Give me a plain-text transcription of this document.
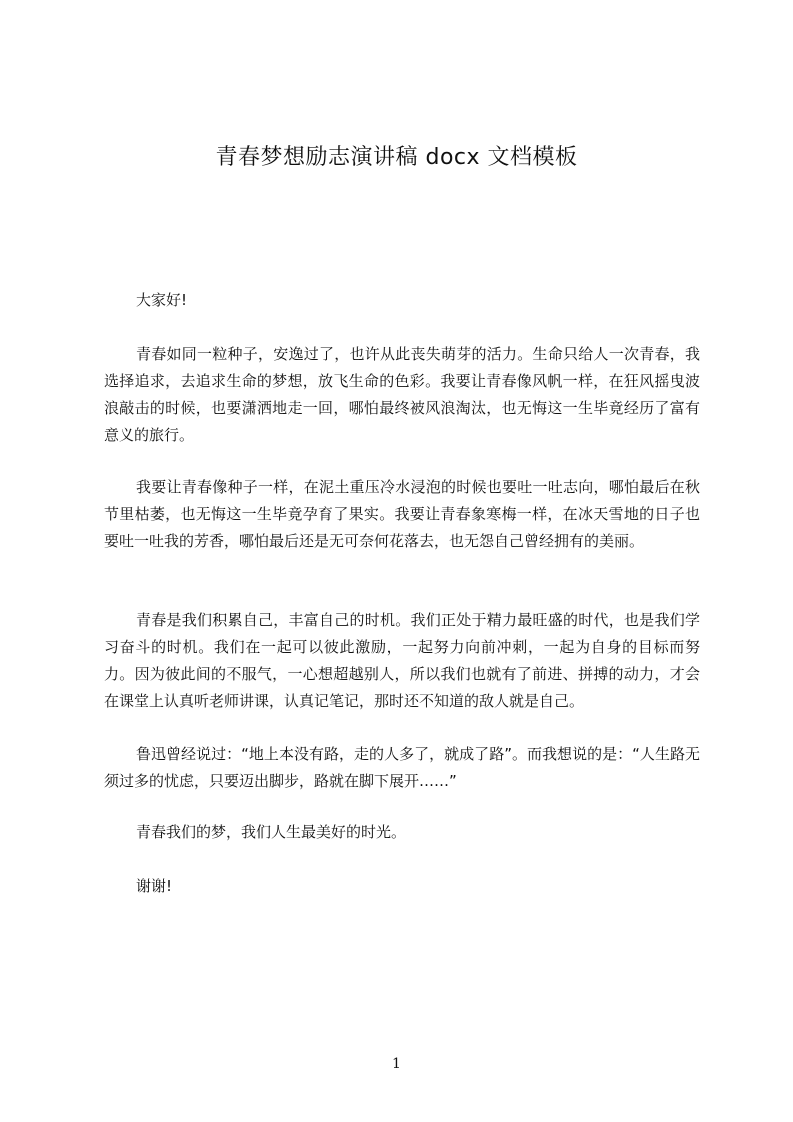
青春梦想励志演讲稿 docx 文档模板
大家好!
青春如同一粒种子，安逸过了，也许从此丧失萌芽的活力。生命只给人一次青春，我选择追求，去追求生命的梦想，放飞生命的色彩。我要让青春像风帆一样，在狂风摇曳波浪敲击的时候，也要潇洒地走一回，哪怕最终被风浪淘汰，也无悔这一生毕竟经历了富有意义的旅行。
我要让青春像种子一样，在泥土重压冷水浸泡的时候也要吐一吐志向，哪怕最后在秋节里枯萎，也无悔这一生毕竟孕育了果实。我要让青春象寒梅一样，在冰天雪地的日子也要吐一吐我的芳香，哪怕最后还是无可奈何花落去，也无怨自己曾经拥有的美丽。
青春是我们积累自己，丰富自己的时机。我们正处于精力最旺盛的时代，也是我们学习奋斗的时机。我们在一起可以彼此激励，一起努力向前冲刺，一起为自身的目标而努力。因为彼此间的不服气，一心想超越别人，所以我们也就有了前进、拼搏的动力，才会在课堂上认真听老师讲课，认真记笔记，那时还不知道的敌人就是自己。
鲁迅曾经说过：“地上本没有路，走的人多了，就成了路”。而我想说的是：“人生路无须过多的忧虑，只要迈出脚步，路就在脚下展开……”
青春我们的梦，我们人生最美好的时光。
谢谢!
1
